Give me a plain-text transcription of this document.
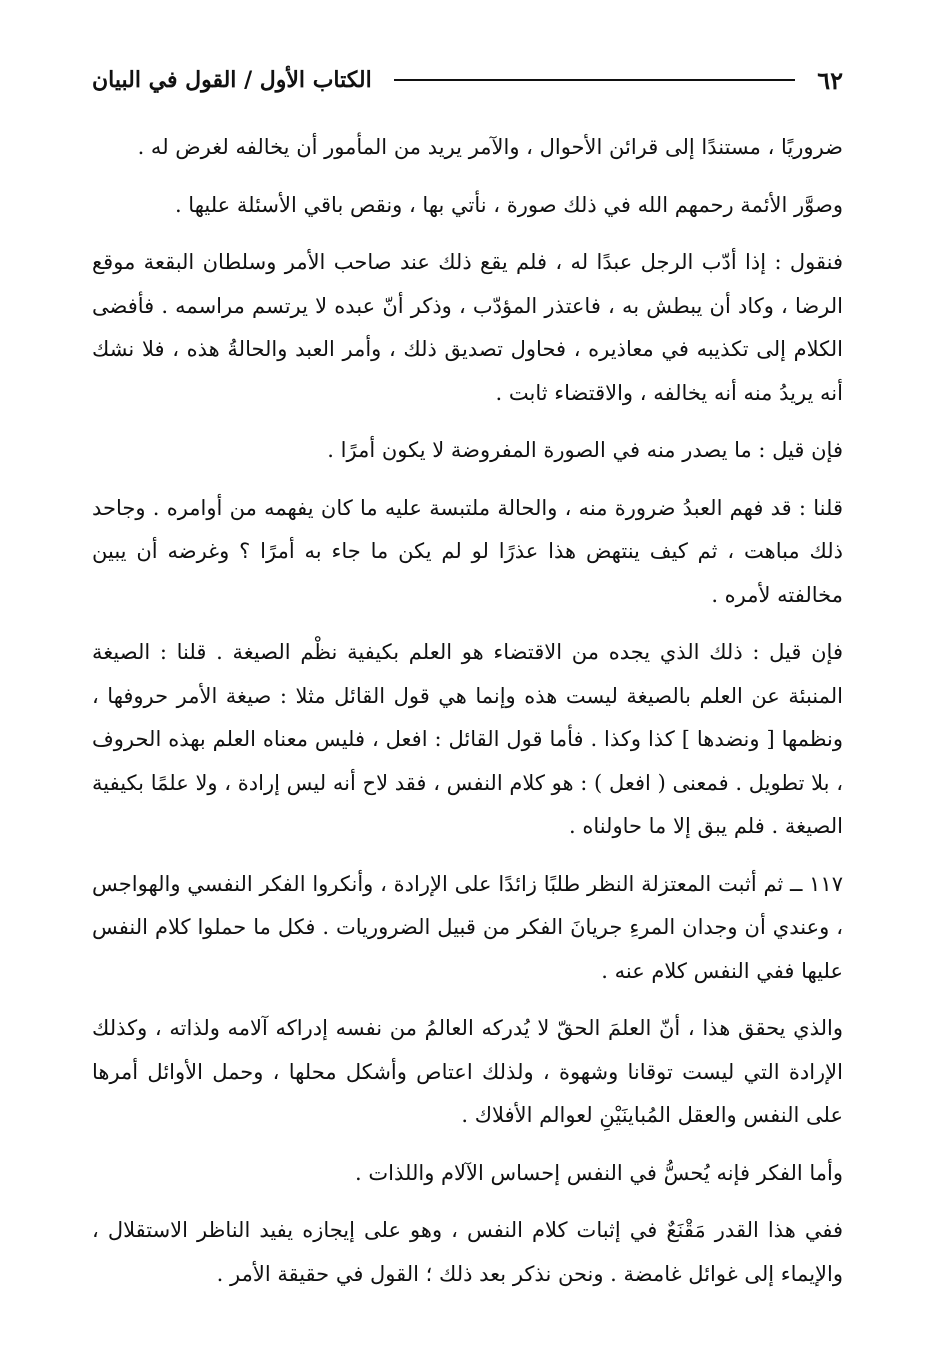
٦٢
الكتاب الأول / القول في البيان

ضروريًا ، مستندًا إلى قرائن الأحوال ، والآمر يريد من المأمور أن يخالفه لغرض له .

وصوَّر الأئمة رحمهم الله في ذلك صورة ، نأتي بها ، ونقص باقي الأسئلة عليها .

فنقول : إذا أدّب الرجل عبدًا له ، فلم يقع ذلك عند صاحب الأمر وسلطان البقعة موقع الرضا ، وكاد أن يبطش به ، فاعتذر المؤدّب ، وذكر أنّ عبده لا يرتسم مراسمه . فأفضى الكلام إلى تكذيبه في معاذيره ، فحاول تصديق ذلك ، وأمر العبد والحالةُ هذه ، فلا نشك أنه يريدُ منه أنه يخالفه ، والاقتضاء ثابت .

فإن قيل : ما يصدر منه في الصورة المفروضة لا يكون أمرًا .

قلنا : قد فهم العبدُ ضرورة منه ، والحالة ملتبسة عليه ما كان يفهمه من أوامره . وجاحد ذلك مباهت ، ثم كيف ينتهض هذا عذرًا لو لم يكن ما جاء به أمرًا ؟ وغرضه أن يبين مخالفته لأمره .

فإن قيل : ذلك الذي يجده من الاقتضاء هو العلم بكيفية نظْم الصيغة . قلنا : الصيغة المنبئة عن العلم بالصيغة ليست هذه وإنما هي قول القائل مثلا : صيغة الأمر حروفها ، ونظمها [ ونضدها ] كذا وكذا . فأما قول القائل : افعل ، فليس معناه العلم بهذه الحروف ، بلا تطويل . فمعنى ( افعل ) : هو كلام النفس ، فقد لاح أنه ليس إرادة ، ولا علمًا بكيفية الصيغة . فلم يبق إلا ما حاولناه .

١١٧ ــ ثم أثبت المعتزلة النظر طلبًا زائدًا على الإرادة ، وأنكروا الفكر النفسي والهواجس ، وعندي أن وجدان المرءِ جريانَ الفكر من قبيل الضروريات . فكل ما حملوا كلام النفس عليها ففي النفس كلام عنه .

والذي يحقق هذا ، أنّ العلمَ الحقّ لا يُدركه العالمُ من نفسه إدراكه آلامه ولذاته ، وكذلك الإرادة التي ليست توقانا وشهوة ، ولذلك اعتاص وأشكل محلها ، وحمل الأوائل أمرها على النفس والعقل المُباينَيْنِ لعوالم الأفلاك .

وأما الفكر فإنه يُحسُّ في النفس إحساس الآلام واللذات .

ففي هذا القدر مَقْنَعٌ في إثبات كلام النفس ، وهو على إيجازه يفيد الناظر الاستقلال ، والإيماء إلى غوائل غامضة . ونحن نذكر بعد ذلك ؛ القول في حقيقة الأمر .
